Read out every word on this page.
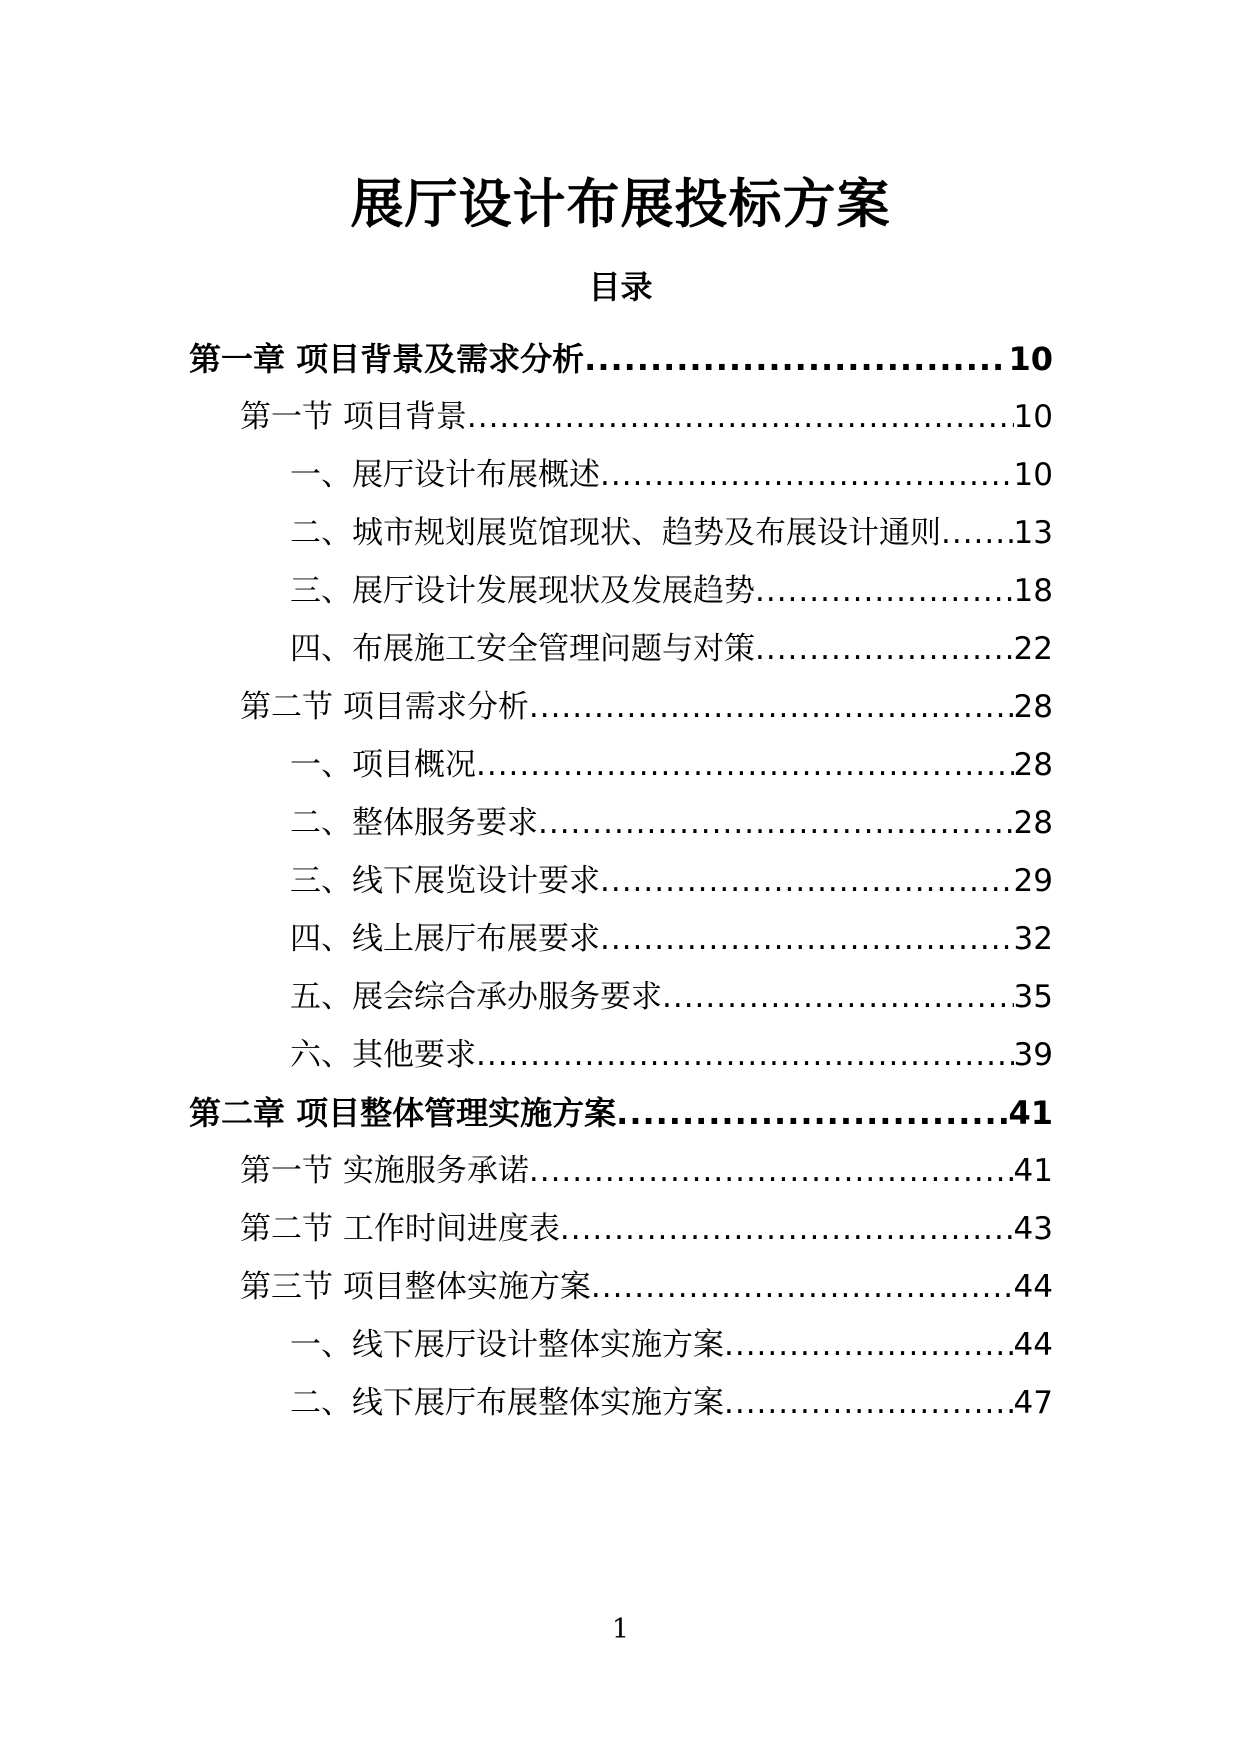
展厅设计布展投标方案
目录
第一章 项目背景及需求分析 .....	10
第一节 项目背景 .....	10
一、展厅设计布展概述 .....	10
二、城市规划展览馆现状、趋势及布展设计通则 ..... 13
三、展厅设计发展现状及发展趋势 .....	18
四、布展施工安全管理问题与对策 .....	22
第二节 项目需求分析 .....	28
一、项目概况 .....	28
二、整体服务要求 .....	28
三、线下展览设计要求 .....	29
四、线上展厅布展要求 .....	32
五、展会综合承办服务要求 .....	35
六、其他要求 .....	39
第二章 项目整体管理实施方案 .....	41
第一节 实施服务承诺 .....	41
第二节 工作时间进度表 .....	43
第三节 项目整体实施方案 .....	44
一、线下展厅设计整体实施方案 .....	44
二、线下展厅布展整体实施方案 .....	47
1
